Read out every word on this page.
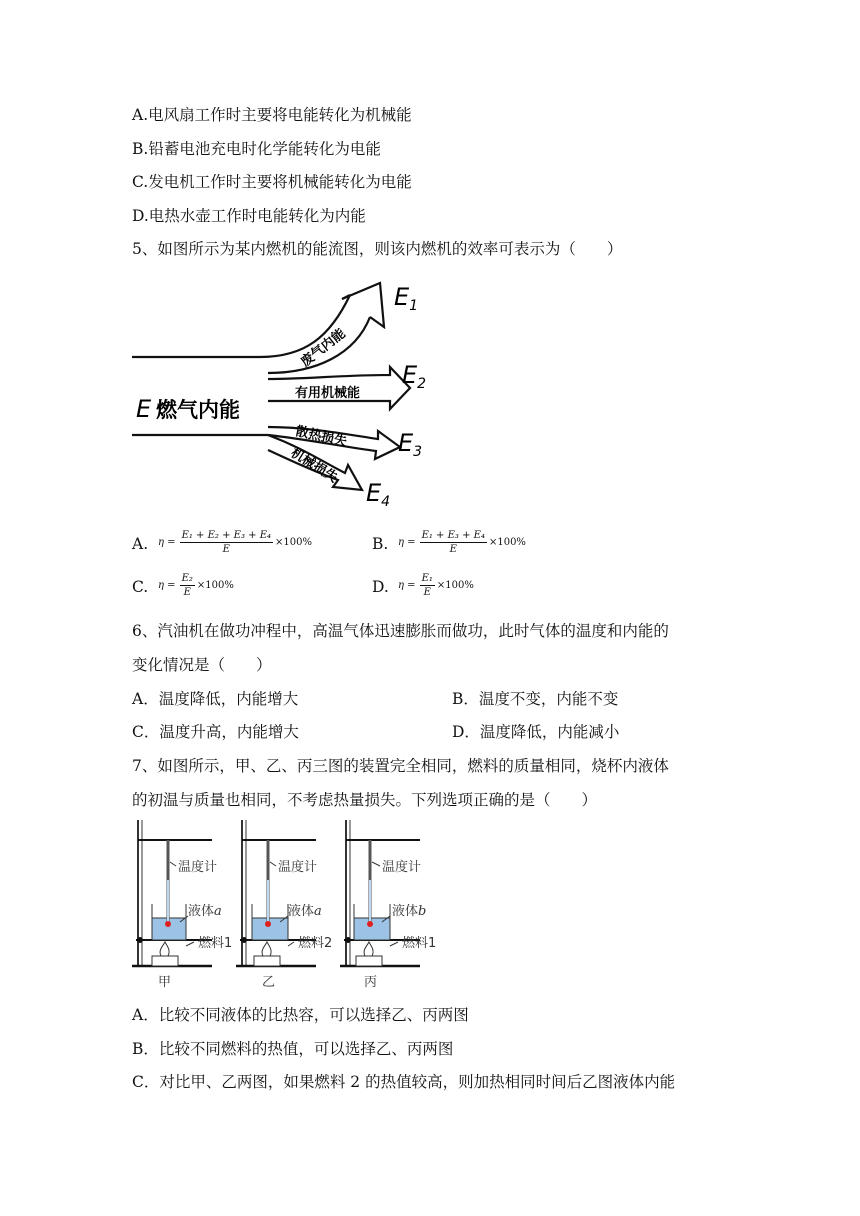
A.电风扇工作时主要将电能转化为机械能
B.铅蓄电池充电时化学能转化为电能
C.发电机工作时主要将机械能转化为电能
D.电热水壶工作时电能转化为内能
5、如图所示为某内燃机的能流图，则该内燃机的效率可表示为（　　）
废气内能
有用机械能
散热损失
机械损失
E 燃气内能
$E_1$
$E_2$
$E_3$
$E_4$
A. $\eta = \frac{\text{E₁ + E₂ + E₃ + E₄}}{E} \times 100\%$	B. $\eta = \frac{\text{E₁ + E₃ + E₄}}{E} \times 100\%$
C. $\eta = \frac{\text{E₂}}{E} \times 100\%$	D. $\eta = \frac{\text{E₁}}{E} \times 100\%$
6、汽油机在做功冲程中，高温气体迅速膨胀而做功，此时气体的温度和内能的
变化情况是（　　）
A．温度降低，内能增大	B．温度不变，内能不变
C．温度升高，内能增大	D．温度降低，内能减小
7、如图所示，甲、乙、丙三图的装置完全相同，燃料的质量相同，烧杯内液体
的初温与质量也相同，不考虑热量损失。下列选项正确的是（　　）
温度计
液体a
燃料1
甲
温度计
液体a
燃料2
乙
温度计
液体b
燃料1
丙
A．比较不同液体的比热容，可以选择乙、丙两图
B．比较不同燃料的热值，可以选择乙、丙两图
C．对比甲、乙两图，如果燃料 2 的热值较高，则加热相同时间后乙图液体内能
